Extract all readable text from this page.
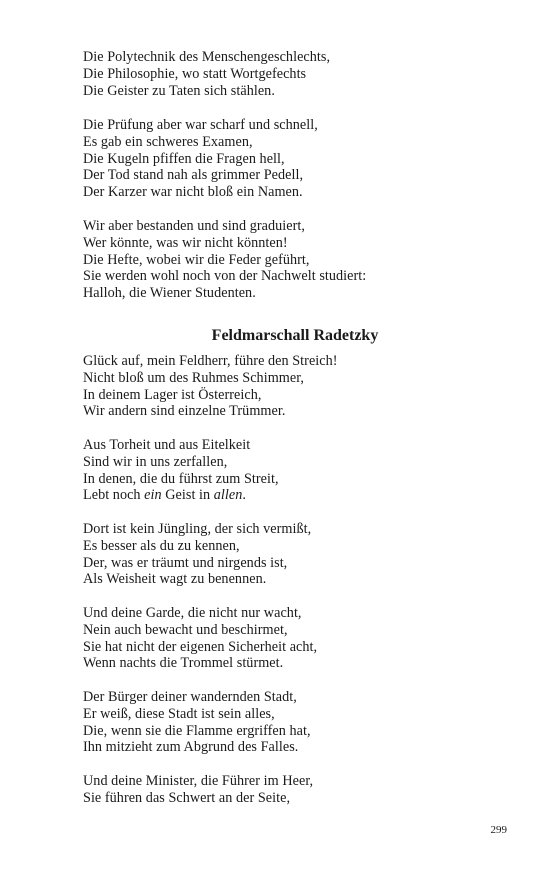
Die Polytechnik des Menschengeschlechts,
Die Philosophie, wo statt Wortgefechts
Die Geister zu Taten sich stählen.
Die Prüfung aber war scharf und schnell,
Es gab ein schweres Examen,
Die Kugeln pfiffen die Fragen hell,
Der Tod stand nah als grimmer Pedell,
Der Karzer war nicht bloß ein Namen.
Wir aber bestanden und sind graduiert,
Wer könnte, was wir nicht könnten!
Die Hefte, wobei wir die Feder geführt,
Sie werden wohl noch von der Nachwelt studiert:
Halloh, die Wiener Studenten.
Feldmarschall Radetzky
Glück auf, mein Feldherr, führe den Streich!
Nicht bloß um des Ruhmes Schimmer,
In deinem Lager ist Österreich,
Wir andern sind einzelne Trümmer.
Aus Torheit und aus Eitelkeit
Sind wir in uns zerfallen,
In denen, die du führst zum Streit,
Lebt noch ein Geist in allen.
Dort ist kein Jüngling, der sich vermißt,
Es besser als du zu kennen,
Der, was er träumt und nirgends ist,
Als Weisheit wagt zu benennen.
Und deine Garde, die nicht nur wacht,
Nein auch bewacht und beschirmet,
Sie hat nicht der eigenen Sicherheit acht,
Wenn nachts die Trommel stürmet.
Der Bürger deiner wandernden Stadt,
Er weiß, diese Stadt ist sein alles,
Die, wenn sie die Flamme ergriffen hat,
Ihn mitzieht zum Abgrund des Falles.
Und deine Minister, die Führer im Heer,
Sie führen das Schwert an der Seite,
299
